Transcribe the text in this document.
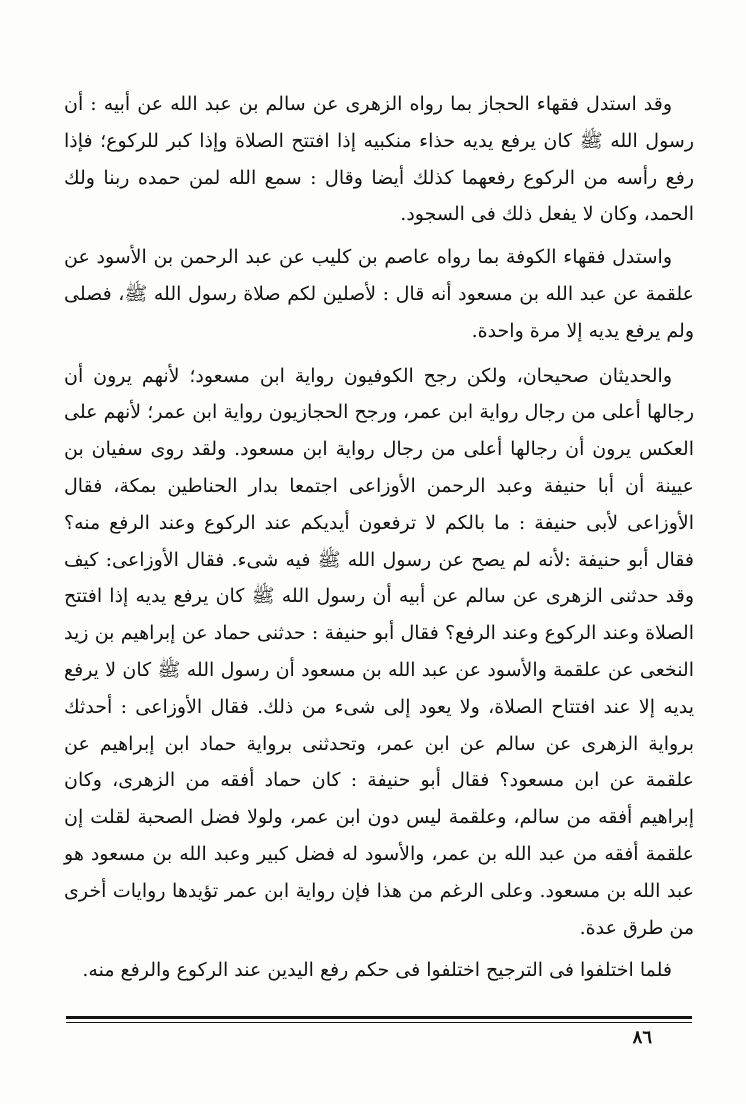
وقد استدل فقهاء الحجاز بما رواه الزهرى عن سالم بن عبد الله عن أبيه : أن رسول الله ﷺ كان يرفع يديه حذاء منكبيه إذا افتتح الصلاة وإذا كبر للركوع؛ فإذا رفع رأسه من الركوع رفعهما كذلك أيضا وقال : سمع الله لمن حمده ربنا ولك الحمد، وكان لا يفعل ذلك فى السجود.

واستدل فقهاء الكوفة بما رواه عاصم بن كليب عن عبد الرحمن بن الأسود عن علقمة عن عبد الله بن مسعود أنه قال : لأصلين لكم صلاة رسول الله ﷺ، فصلى ولم يرفع يديه إلا مرة واحدة.

والحديثان صحيحان، ولكن رجح الكوفيون رواية ابن مسعود؛ لأنهم يرون أن رجالها أعلى من رجال رواية ابن عمر، ورجح الحجازيون رواية ابن عمر؛ لأنهم على العكس يرون أن رجالها أعلى من رجال رواية ابن مسعود. ولقد روى سفيان بن عيينة أن أبا حنيفة وعبد الرحمن الأوزاعى اجتمعا بدار الحناطين بمكة، فقال الأوزاعى لأبى حنيفة : ما بالكم لا ترفعون أيديكم عند الركوع وعند الرفع منه؟ فقال أبو حنيفة :لأنه لم يصح عن رسول الله ﷺ فيه شىء. فقال الأوزاعى: كيف وقد حدثنى الزهرى عن سالم عن أبيه أن رسول الله ﷺ كان يرفع يديه إذا افتتح الصلاة وعند الركوع وعند الرفع؟ فقال أبو حنيفة : حدثنى حماد عن إبراهيم بن زيد النخعى عن علقمة والأسود عن عبد الله بن مسعود أن رسول الله ﷺ كان لا يرفع يديه إلا عند افتتاح الصلاة، ولا يعود إلى شىء من ذلك. فقال الأوزاعى : أحدثك برواية الزهرى عن سالم عن ابن عمر، وتحدثنى برواية حماد ابن إبراهيم عن علقمة عن ابن مسعود؟ فقال أبو حنيفة : كان حماد أفقه من الزهرى، وكان إبراهيم أفقه من سالم، وعلقمة ليس دون ابن عمر، ولولا فضل الصحبة لقلت إن علقمة أفقه من عبد الله بن عمر، والأسود له فضل كبير وعبد الله بن مسعود هو عبد الله بن مسعود. وعلى الرغم من هذا فإن رواية ابن عمر تؤيدها روايات أخرى من طرق عدة.

فلما اختلفوا فى الترجيح اختلفوا فى حكم رفع اليدين عند الركوع والرفع منه.

٨٦
